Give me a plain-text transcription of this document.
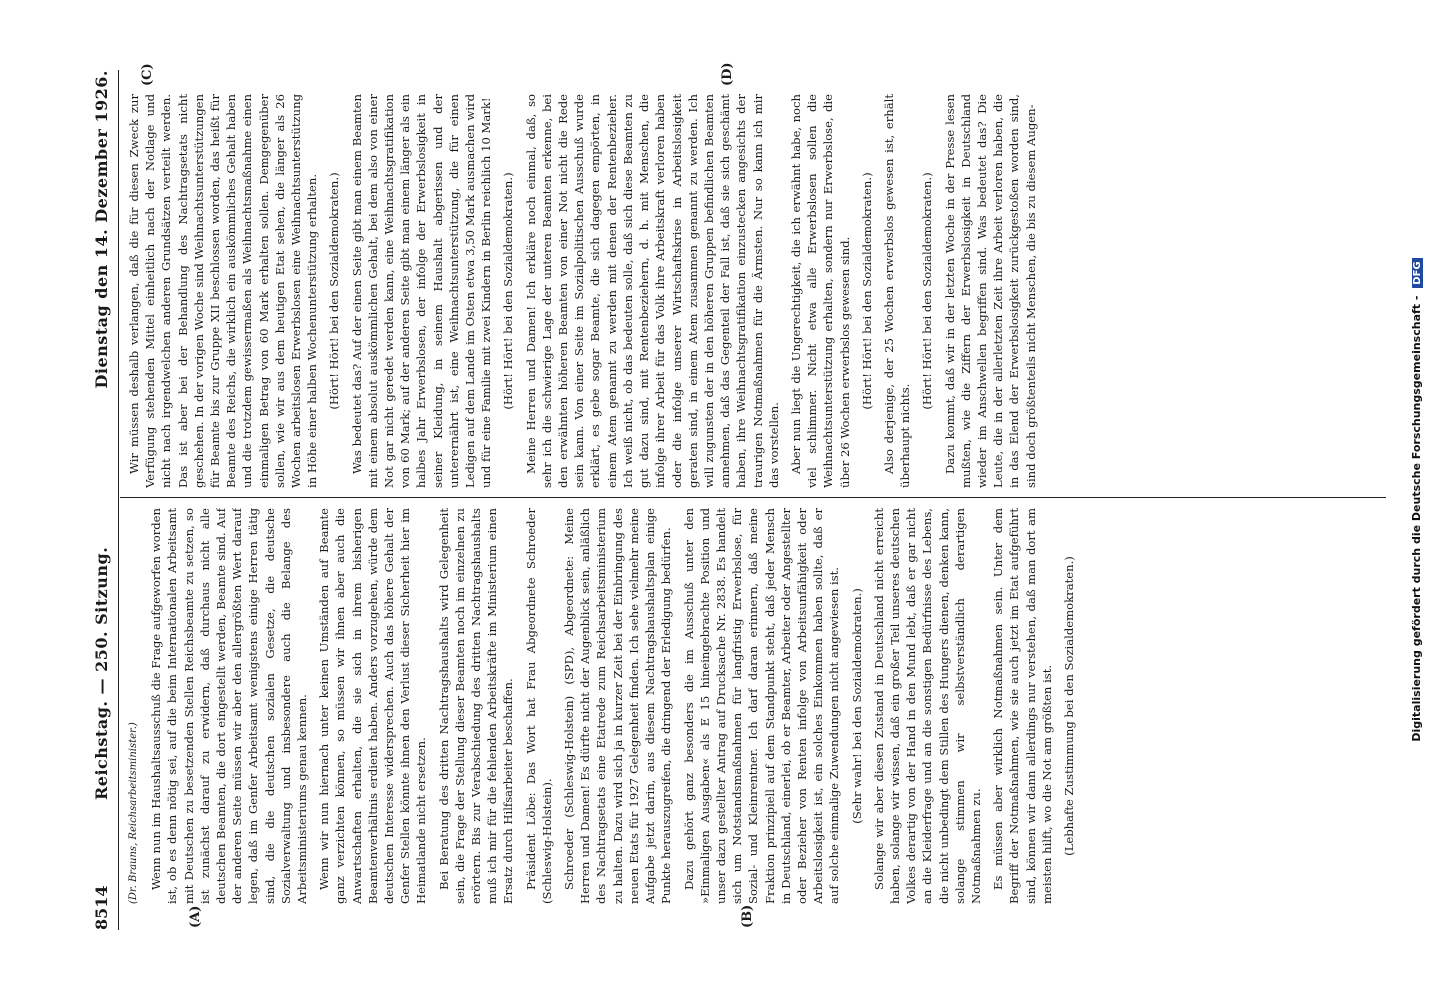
8514
Reichstag. — 250. Sitzung.
Dienstag den 14. Dezember 1926.
(A)	(B)
(C)	(D)

(Dr. Brauns, Reichsarbeitsminister.) Wenn nun im Haushaltsausschuß die Frage aufgeworfen worden ist, ob es denn nötig sei, auf die beim Internationalen Arbeitsamt mit Deutschen zu besetzenden Stellen Reichsbeamte zu setzen, so ist zunächst darauf zu erwidern, daß durchaus nicht alle deutschen Beamten, die dort eingestellt werden, Beamte sind. Auf der anderen Seite müssen wir aber den allergrößten Wert darauf legen, daß im Genfer Arbeitsamt wenigstens einige Herren tätig sind, die die deutschen sozialen Gesetze, die deutsche Sozialverwaltung und insbesondere auch die Belange des Arbeitsministeriums genau kennen. Wenn wir nun hiernach unter keinen Umständen auf Beamte ganz verzichten können, so müssen wir ihnen aber auch die Anwartschaften erhalten, die sie sich in ihrem bisherigen Beamtenverhältnis erdient haben. Anders vorzugehen, würde dem deutschen Interesse widersprechen. Auch das höhere Gehalt der Genfer Stellen könnte ihnen den Verlust dieser Sicherheit hier im Heimatlande nicht ersetzen. Bei Beratung des dritten Nachtragshaushalts wird Gelegenheit sein, die Frage der Stellung dieser Beamten noch im einzelnen zu erörtern. Bis zur Verabschiedung des dritten Nachtragshaushalts muß ich mir für die fehlenden Arbeitskräfte im Ministerium einen Ersatz durch Hilfsarbeiter beschaffen. Präsident Löbe: Das Wort hat Frau Abgeordnete Schroeder (Schleswig-Holstein). Schroeder (Schleswig-Holstein) (SPD), Abgeordnete: Meine Herren und Damen! Es dürfte nicht der Augenblick sein, anläßlich des Nachtragsetats eine Etatrede zum Reichsarbeitsministerium zu halten. Dazu wird sich ja in kurzer Zeit bei der Einbringung des neuen Etats für 1927 Gelegenheit finden. Ich sehe vielmehr meine Aufgabe jetzt darin, aus diesem Nachtragshaushaltsplan einige Punkte herauszugreifen, die dringend der Erledigung bedürfen. Dazu gehört ganz besonders die im Ausschuß unter den »Einmaligen Ausgaben« als E 15 hineingebrachte Position und unser dazu gestellter Antrag auf Drucksache Nr. 2838. Es handelt sich um Notstandsmaßnahmen für langfristig Erwerbslose, für Sozial- und Kleinrentner. Ich darf daran erinnern, daß meine Fraktion prinzipiell auf dem Standpunkt steht, daß jeder Mensch in Deutschland, einerlei, ob er Beamter, Arbeiter oder Angestellter oder Bezieher von Renten infolge von Arbeitsunfähigkeit oder Arbeitslosigkeit ist, ein solches Einkommen haben sollte, daß er auf solche einmalige Zuwendungen nicht angewiesen ist. (Sehr wahr! bei den Sozialdemokraten.) Solange wir aber diesen Zustand in Deutschland nicht erreicht haben, solange wir wissen, daß ein großer Teil unseres deutschen Volkes derartig von der Hand in den Mund lebt, daß er gar nicht an die Kleiderfrage und an die sonstigen Bedürfnisse des Lebens, die nicht unbedingt dem Stillen des Hungers dienen, denken kann, solange stimmen wir selbstverständlich derartigen Notmaßnahmen zu. Es müssen aber wirklich Notmaßnahmen sein. Unter dem Begriff der Notmaßnahmen, wie sie auch jetzt im Etat aufgeführt sind, können wir dann allerdings nur verstehen, daß man dort am meisten hilft, wo die Not am größten ist. (Lebhafte Zustimmung bei den Sozialdemokraten.)

Wir müssen deshalb verlangen, daß die für diesen Zweck zur Verfügung stehenden Mittel einheitlich nach der Notlage und nicht nach irgendwelchen anderen Grundsätzen verteilt werden. Das ist aber bei der Behandlung des Nachtragsetats nicht geschehen. In der vorigen Woche sind Weihnachtsunterstützungen für Beamte bis zur Gruppe XII beschlossen worden, das heißt für Beamte des Reichs, die wirklich ein auskömmliches Gehalt haben und die trotzdem gewissermaßen als Weihnachtsmaßnahme einen einmaligen Betrag von 60 Mark erhalten sollen. Demgegenüber sollen, wie wir aus dem heutigen Etat sehen, die länger als 26 Wochen arbeitslosen Erwerbslosen eine Weihnachtsunterstützung in Höhe einer halben Wochenunterstützung erhalten. (Hört! Hört! bei den Sozialdemokraten.) Was bedeutet das? Auf der einen Seite gibt man einem Beamten mit einem absolut auskömmlichen Gehalt, bei dem also von einer Not gar nicht geredet werden kann, eine Weihnachtsgratifikation von 60 Mark; auf der anderen Seite gibt man einem länger als ein halbes Jahr Erwerbslosen, der infolge der Erwerbslosigkeit in seiner Kleidung, in seinem Haushalt abgerissen und der unterernährt ist, eine Weihnachtsunterstützung, die für einen Ledigen auf dem Lande im Osten etwa 3,50 Mark ausmachen wird und für eine Familie mit zwei Kindern in Berlin reichlich 10 Mark! (Hört! Hört! bei den Sozialdemokraten.) Meine Herren und Damen! Ich erkläre noch einmal, daß, so sehr ich die schwierige Lage der unteren Beamten erkenne, bei den erwähnten höheren Beamten von einer Not nicht die Rede sein kann. Von einer Seite im Sozialpolitischen Ausschuß wurde erklärt, es gebe sogar Beamte, die sich dagegen empörten, in einem Atem genannt zu werden mit denen der Rentenbezieher. Ich weiß nicht, ob das bedeuten solle, daß sich diese Beamten zu gut dazu sind, mit Rentenbeziehern, d. h. mit Menschen, die infolge ihrer Arbeit für das Volk ihre Arbeitskraft verloren haben oder die infolge unserer Wirtschaftskrise in Arbeitslosigkeit geraten sind, in einem Atem zusammen genannt zu werden. Ich will zugunsten der in den höheren Gruppen befindlichen Beamten annehmen, daß das Gegenteil der Fall ist, daß sie sich geschämt haben, ihre Weihnachtsgratifikation einzustecken angesichts der traurigen Notmaßnahmen für die Ärmsten. Nur so kann ich mir das vorstellen. Aber nun liegt die Ungerechtigkeit, die ich erwähnt habe, noch viel schlimmer. Nicht etwa alle Erwerbslosen sollen die Weihnachtsunterstützung erhalten, sondern nur Erwerbslose, die über 26 Wochen erwerbslos gewesen sind. (Hört! Hört! bei den Sozialdemokraten.) Also derjenige, der 25 Wochen erwerbslos gewesen ist, erhält überhaupt nichts.

(Hört! Hört! bei den Sozialdemokraten.) Dazu kommt, daß wir in der letzten Woche in der Presse lesen mußten, wie die Ziffern der Erwerbslosigkeit in Deutschland wieder im Anschwellen begriffen sind. Was bedeutet das? Die Leute, die in der allerletzten Zeit ihre Arbeit verloren haben, die in das Elend der Erwerbslosigkeit zurückgestoßen worden sind, sind doch größtenteils nicht Menschen, die bis zu diesem Augen-	Digitalisierung gefördert durch die Deutsche Forschungsgemeinschaft - DFG
